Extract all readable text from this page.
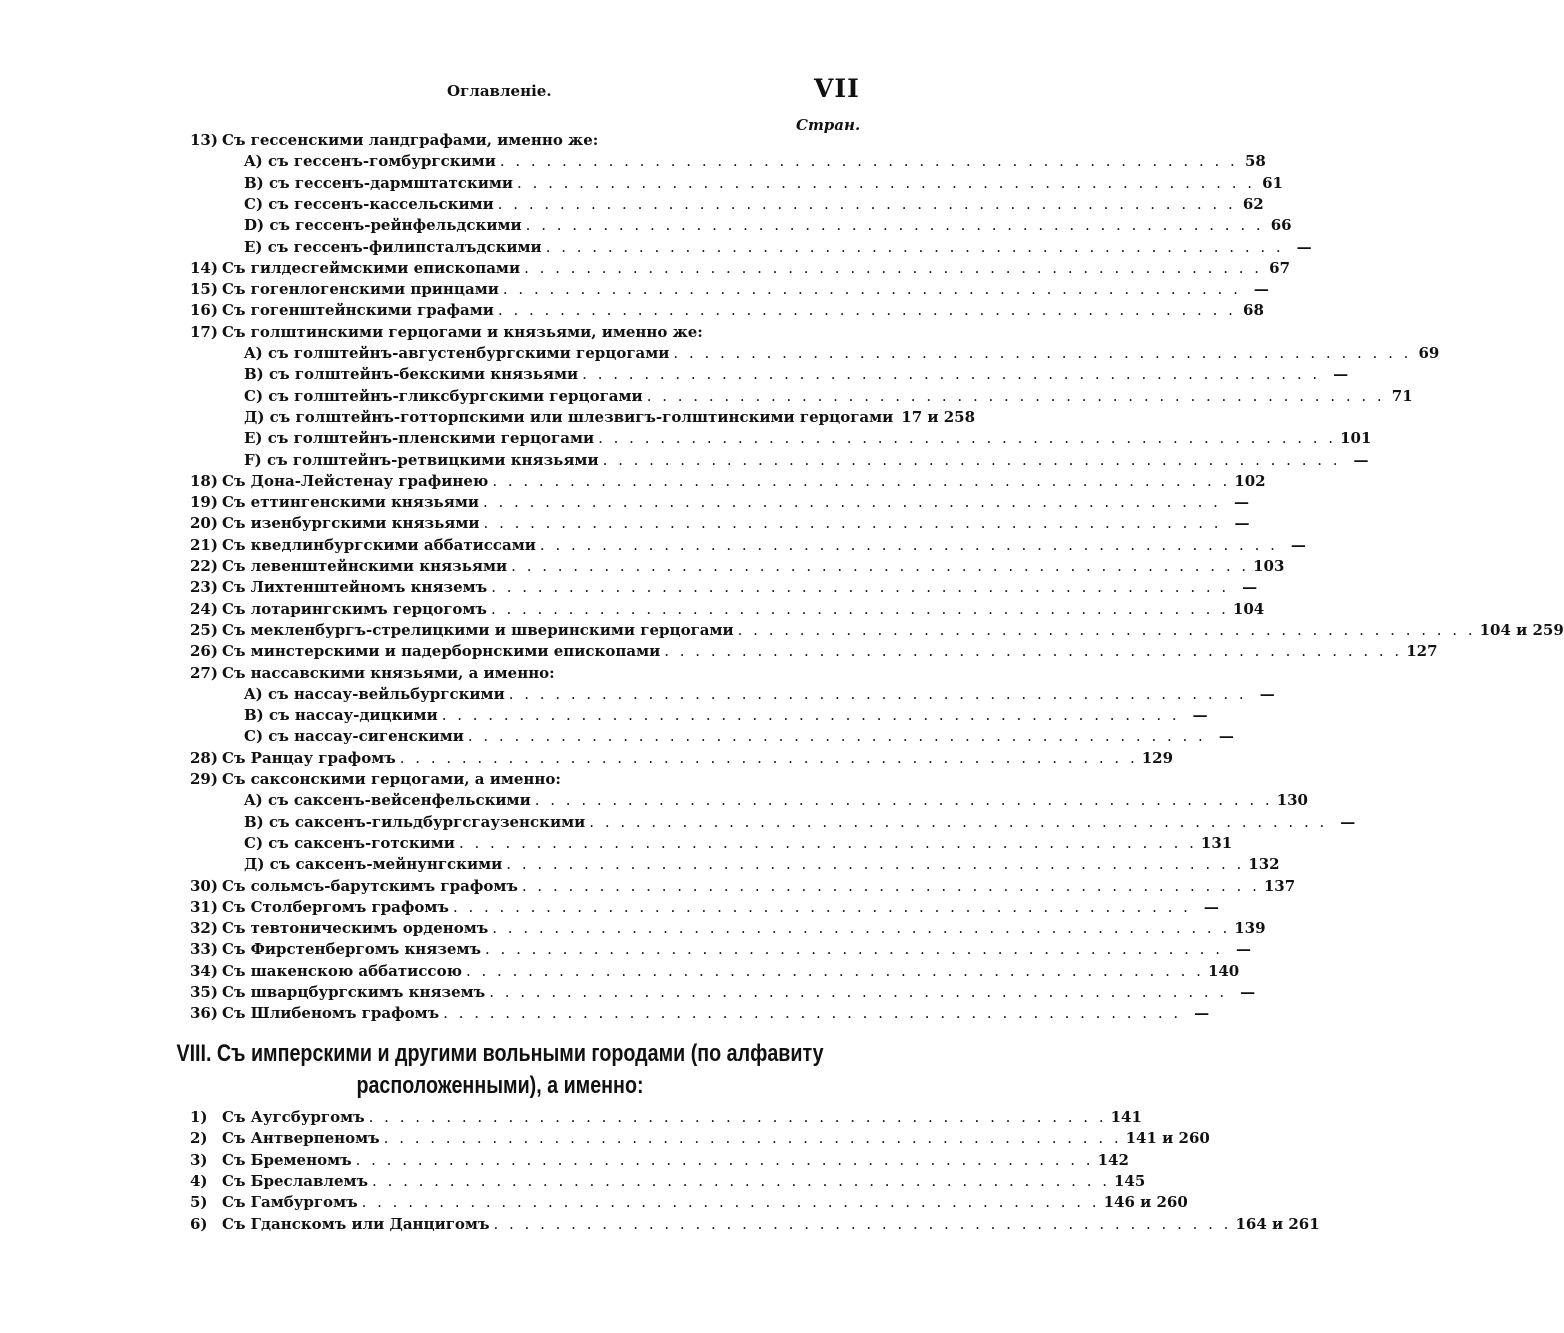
Оглавленіе.	VII
Стран.
13) Съ гессенскими ландграфами, именно же:
A) съ гессенъ-гомбургскими . . . . . . . . . . . . . . . . . . . . . . . . . . . . . . . . . . . . . . . . . . . . . . . . 58
B) съ гессенъ-дармштатскими . . . . . . . . . . . . . . . . . . . . . . . . . . . . . . . . . . . . . . . . . . . . . . . . 61
C) съ гессенъ-кассельскими . . . . . . . . . . . . . . . . . . . . . . . . . . . . . . . . . . . . . . . . . . . . . . . . 62
D) съ гессенъ-рейнфельдскими . . . . . . . . . . . . . . . . . . . . . . . . . . . . . . . . . . . . . . . . . . . . . . . . 66
E) съ гессенъ-филипсталъдскими . . . . . . . . . . . . . . . . . . . . . . . . . . . . . . . . . . . . . . . . . . . . . . . . —
14) Съ гилдесгеймскими епископами . . . . . . . . . . . . . . . . . . . . . . . . . . . . . . . . . . . . . . . . . . . . . . . . 67
15) Съ гогенлогенскими принцами . . . . . . . . . . . . . . . . . . . . . . . . . . . . . . . . . . . . . . . . . . . . . . . . —
16) Съ гогенштейнскими графами . . . . . . . . . . . . . . . . . . . . . . . . . . . . . . . . . . . . . . . . . . . . . . . . 68
17) Съ голштинскими герцогами и князьями, именно же:
A) съ голштейнъ-августенбургскими герцогами . . . . . . . . . . . . . . . . . . . . . . . . . . . . . . . . . . . . . . . . . . . . . . . . 69
B) съ голштейнъ-бекскими князьями . . . . . . . . . . . . . . . . . . . . . . . . . . . . . . . . . . . . . . . . . . . . . . . . —
C) съ голштейнъ-гликсбургскими герцогами . . . . . . . . . . . . . . . . . . . . . . . . . . . . . . . . . . . . . . . . . . . . . . . . 71
Д) съ голштейнъ-готторпскими или шлезвигъ-голштинскими герцогами 17 и 258
E) съ голштейнъ-пленскими герцогами . . . . . . . . . . . . . . . . . . . . . . . . . . . . . . . . . . . . . . . . . . . . . . . . 101
F) съ голштейнъ-ретвицкими князьями . . . . . . . . . . . . . . . . . . . . . . . . . . . . . . . . . . . . . . . . . . . . . . . . —
18) Съ Дона-Лейстенау графинею . . . . . . . . . . . . . . . . . . . . . . . . . . . . . . . . . . . . . . . . . . . . . . . . 102
19) Съ еттингенскими князьями . . . . . . . . . . . . . . . . . . . . . . . . . . . . . . . . . . . . . . . . . . . . . . . . —
20) Съ изенбургскими князьями . . . . . . . . . . . . . . . . . . . . . . . . . . . . . . . . . . . . . . . . . . . . . . . . —
21) Съ кведлинбургскими аббатиссами . . . . . . . . . . . . . . . . . . . . . . . . . . . . . . . . . . . . . . . . . . . . . . . . —
22) Съ левенштейнскими князьями . . . . . . . . . . . . . . . . . . . . . . . . . . . . . . . . . . . . . . . . . . . . . . . . 103
23) Съ Лихтенштейномъ княземъ . . . . . . . . . . . . . . . . . . . . . . . . . . . . . . . . . . . . . . . . . . . . . . . . —
24) Съ лотарингскимъ герцогомъ . . . . . . . . . . . . . . . . . . . . . . . . . . . . . . . . . . . . . . . . . . . . . . . . 104
25) Съ мекленбургъ-стрелицкими и шверинскими герцогами . . . . . . . . . . . . . . . . . . . . . . . . . . . . . . . . . . . . . . . . . . . . . . . . 104 и 259
26) Съ минстерскими и падерборнскими епископами . . . . . . . . . . . . . . . . . . . . . . . . . . . . . . . . . . . . . . . . . . . . . . . . 127
27) Съ нассавскими князьями, а именно:
A) съ нассау-вейльбургскими . . . . . . . . . . . . . . . . . . . . . . . . . . . . . . . . . . . . . . . . . . . . . . . . —
B) съ нассау-дицкими . . . . . . . . . . . . . . . . . . . . . . . . . . . . . . . . . . . . . . . . . . . . . . . . —
C) съ нассау-сигенскими . . . . . . . . . . . . . . . . . . . . . . . . . . . . . . . . . . . . . . . . . . . . . . . . —
28) Съ Ранцау графомъ . . . . . . . . . . . . . . . . . . . . . . . . . . . . . . . . . . . . . . . . . . . . . . . . 129
29) Съ саксонскими герцогами, а именно:
A) съ саксенъ-вейсенфельскими . . . . . . . . . . . . . . . . . . . . . . . . . . . . . . . . . . . . . . . . . . . . . . . . 130
B) съ саксенъ-гильдбургсгаузенскими . . . . . . . . . . . . . . . . . . . . . . . . . . . . . . . . . . . . . . . . . . . . . . . . —
C) съ саксенъ-готскими . . . . . . . . . . . . . . . . . . . . . . . . . . . . . . . . . . . . . . . . . . . . . . . . 131
Д) съ саксенъ-мейнунгскими . . . . . . . . . . . . . . . . . . . . . . . . . . . . . . . . . . . . . . . . . . . . . . . . 132
30) Съ сольмсъ-барутскимъ графомъ . . . . . . . . . . . . . . . . . . . . . . . . . . . . . . . . . . . . . . . . . . . . . . . . 137
31) Съ Столбергомъ графомъ . . . . . . . . . . . . . . . . . . . . . . . . . . . . . . . . . . . . . . . . . . . . . . . . —
32) Съ тевтоническимъ орденомъ . . . . . . . . . . . . . . . . . . . . . . . . . . . . . . . . . . . . . . . . . . . . . . . . 139
33) Съ Фирстенбергомъ княземъ . . . . . . . . . . . . . . . . . . . . . . . . . . . . . . . . . . . . . . . . . . . . . . . . —
34) Съ шакенскою аббатиссою . . . . . . . . . . . . . . . . . . . . . . . . . . . . . . . . . . . . . . . . . . . . . . . . 140
35) Съ шварцбургскимъ княземъ . . . . . . . . . . . . . . . . . . . . . . . . . . . . . . . . . . . . . . . . . . . . . . . . —
36) Съ Шлибеномъ графомъ . . . . . . . . . . . . . . . . . . . . . . . . . . . . . . . . . . . . . . . . . . . . . . . . —
VIII. Съ имперскими и другими вольными городами (по алфавиту
расположенными), а именно:
1) Съ Аугсбургомъ . . . . . . . . . . . . . . . . . . . . . . . . . . . . . . . . . . . . . . . . . . . . . . . . 141
2) Съ Антверпеномъ . . . . . . . . . . . . . . . . . . . . . . . . . . . . . . . . . . . . . . . . . . . . . . . . 141 и 260
3) Съ Бременомъ . . . . . . . . . . . . . . . . . . . . . . . . . . . . . . . . . . . . . . . . . . . . . . . . 142
4) Съ Бреславлемъ . . . . . . . . . . . . . . . . . . . . . . . . . . . . . . . . . . . . . . . . . . . . . . . . 145
5) Съ Гамбургомъ . . . . . . . . . . . . . . . . . . . . . . . . . . . . . . . . . . . . . . . . . . . . . . . . 146 и 260
6) Съ Гданскомъ или Данцигомъ . . . . . . . . . . . . . . . . . . . . . . . . . . . . . . . . . . . . . . . . . . . . . . . . 164 и 261
